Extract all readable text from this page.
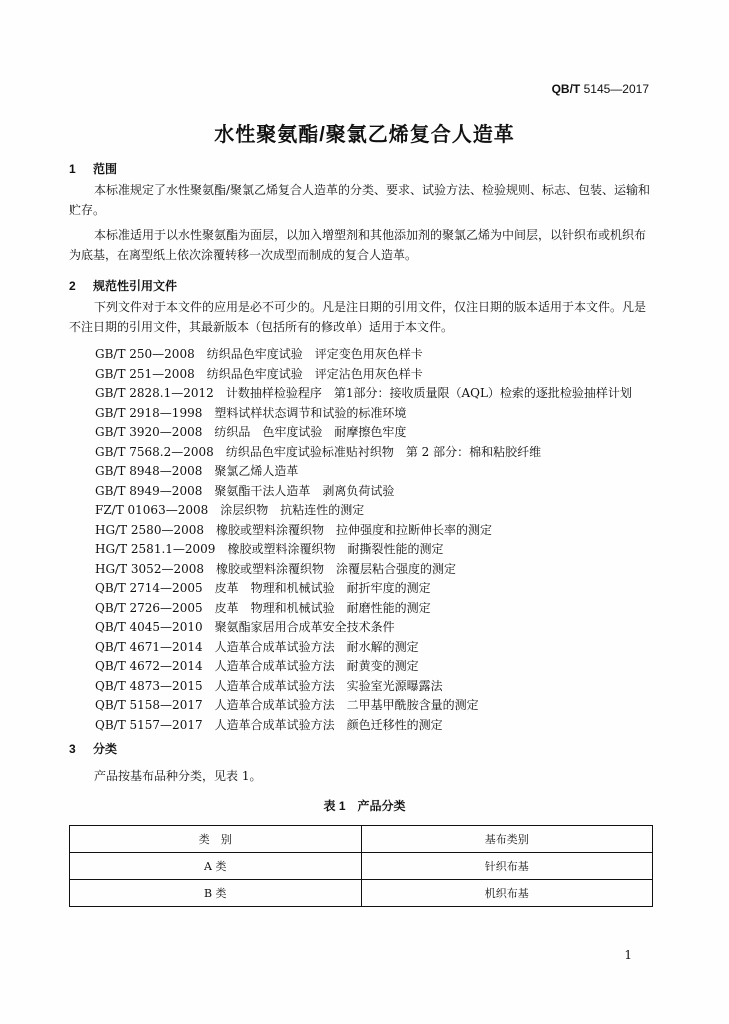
QB/T 5145—2017
水性聚氨酯/聚氯乙烯复合人造革
1 范围

本标准规定了水性聚氨酯/聚氯乙烯复合人造革的分类、要求、试验方法、检验规则、标志、包装、运输和贮存。

本标准适用于以水性聚氨酯为面层，以加入增塑剂和其他添加剂的聚氯乙烯为中间层，以针织布或机织布为底基，在离型纸上依次涂覆转移一次成型而制成的复合人造革。

2 规范性引用文件

下列文件对于本文件的应用是必不可少的。凡是注日期的引用文件，仅注日期的版本适用于本文件。凡是不注日期的引用文件，其最新版本（包括所有的修改单）适用于本文件。

GB/T 250—2008　 纺织品色牢度试验　评定变色用灰色样卡
GB/T 251—2008　 纺织品色牢度试验　评定沾色用灰色样卡
GB/T 2828.1—2012　 计数抽样检验程序　第1部分：接收质量限（AQL）检索的逐批检验抽样计划
GB/T 2918—1998　 塑料试样状态调节和试验的标准环境
GB/T 3920—2008　 纺织品　色牢度试验　耐摩擦色牢度
GB/T 7568.2—2008　 纺织品色牢度试验标准贴衬织物　第 2 部分：棉和粘胶纤维
GB/T 8948—2008　 聚氯乙烯人造革
GB/T 8949—2008　 聚氨酯干法人造革　剥离负荷试验
FZ/T 01063—2008　 涂层织物　抗粘连性的测定
HG/T 2580—2008　 橡胶或塑料涂覆织物　拉伸强度和拉断伸长率的测定
HG/T 2581.1—2009　 橡胶或塑料涂覆织物　耐撕裂性能的测定
HG/T 3052—2008　 橡胶或塑料涂覆织物　涂覆层粘合强度的测定
QB/T 2714—2005　 皮革　物理和机械试验　耐折牢度的测定
QB/T 2726—2005　 皮革　物理和机械试验　耐磨性能的测定
QB/T 4045—2010　 聚氨酯家居用合成革安全技术条件
QB/T 4671—2014　 人造革合成革试验方法　耐水解的测定
QB/T 4672—2014　 人造革合成革试验方法　耐黄变的测定
QB/T 4873—2015　 人造革合成革试验方法　实验室光源曝露法
QB/T 5158—2017　 人造革合成革试验方法　二甲基甲酰胺含量的测定
QB/T 5157—2017　 人造革合成革试验方法　颜色迁移性的测定
3 分类

产品按基布品种分类，见表 1。

表 1　产品分类
类　别	基布类别
A 类	针织布基
B 类	机织布基
1
